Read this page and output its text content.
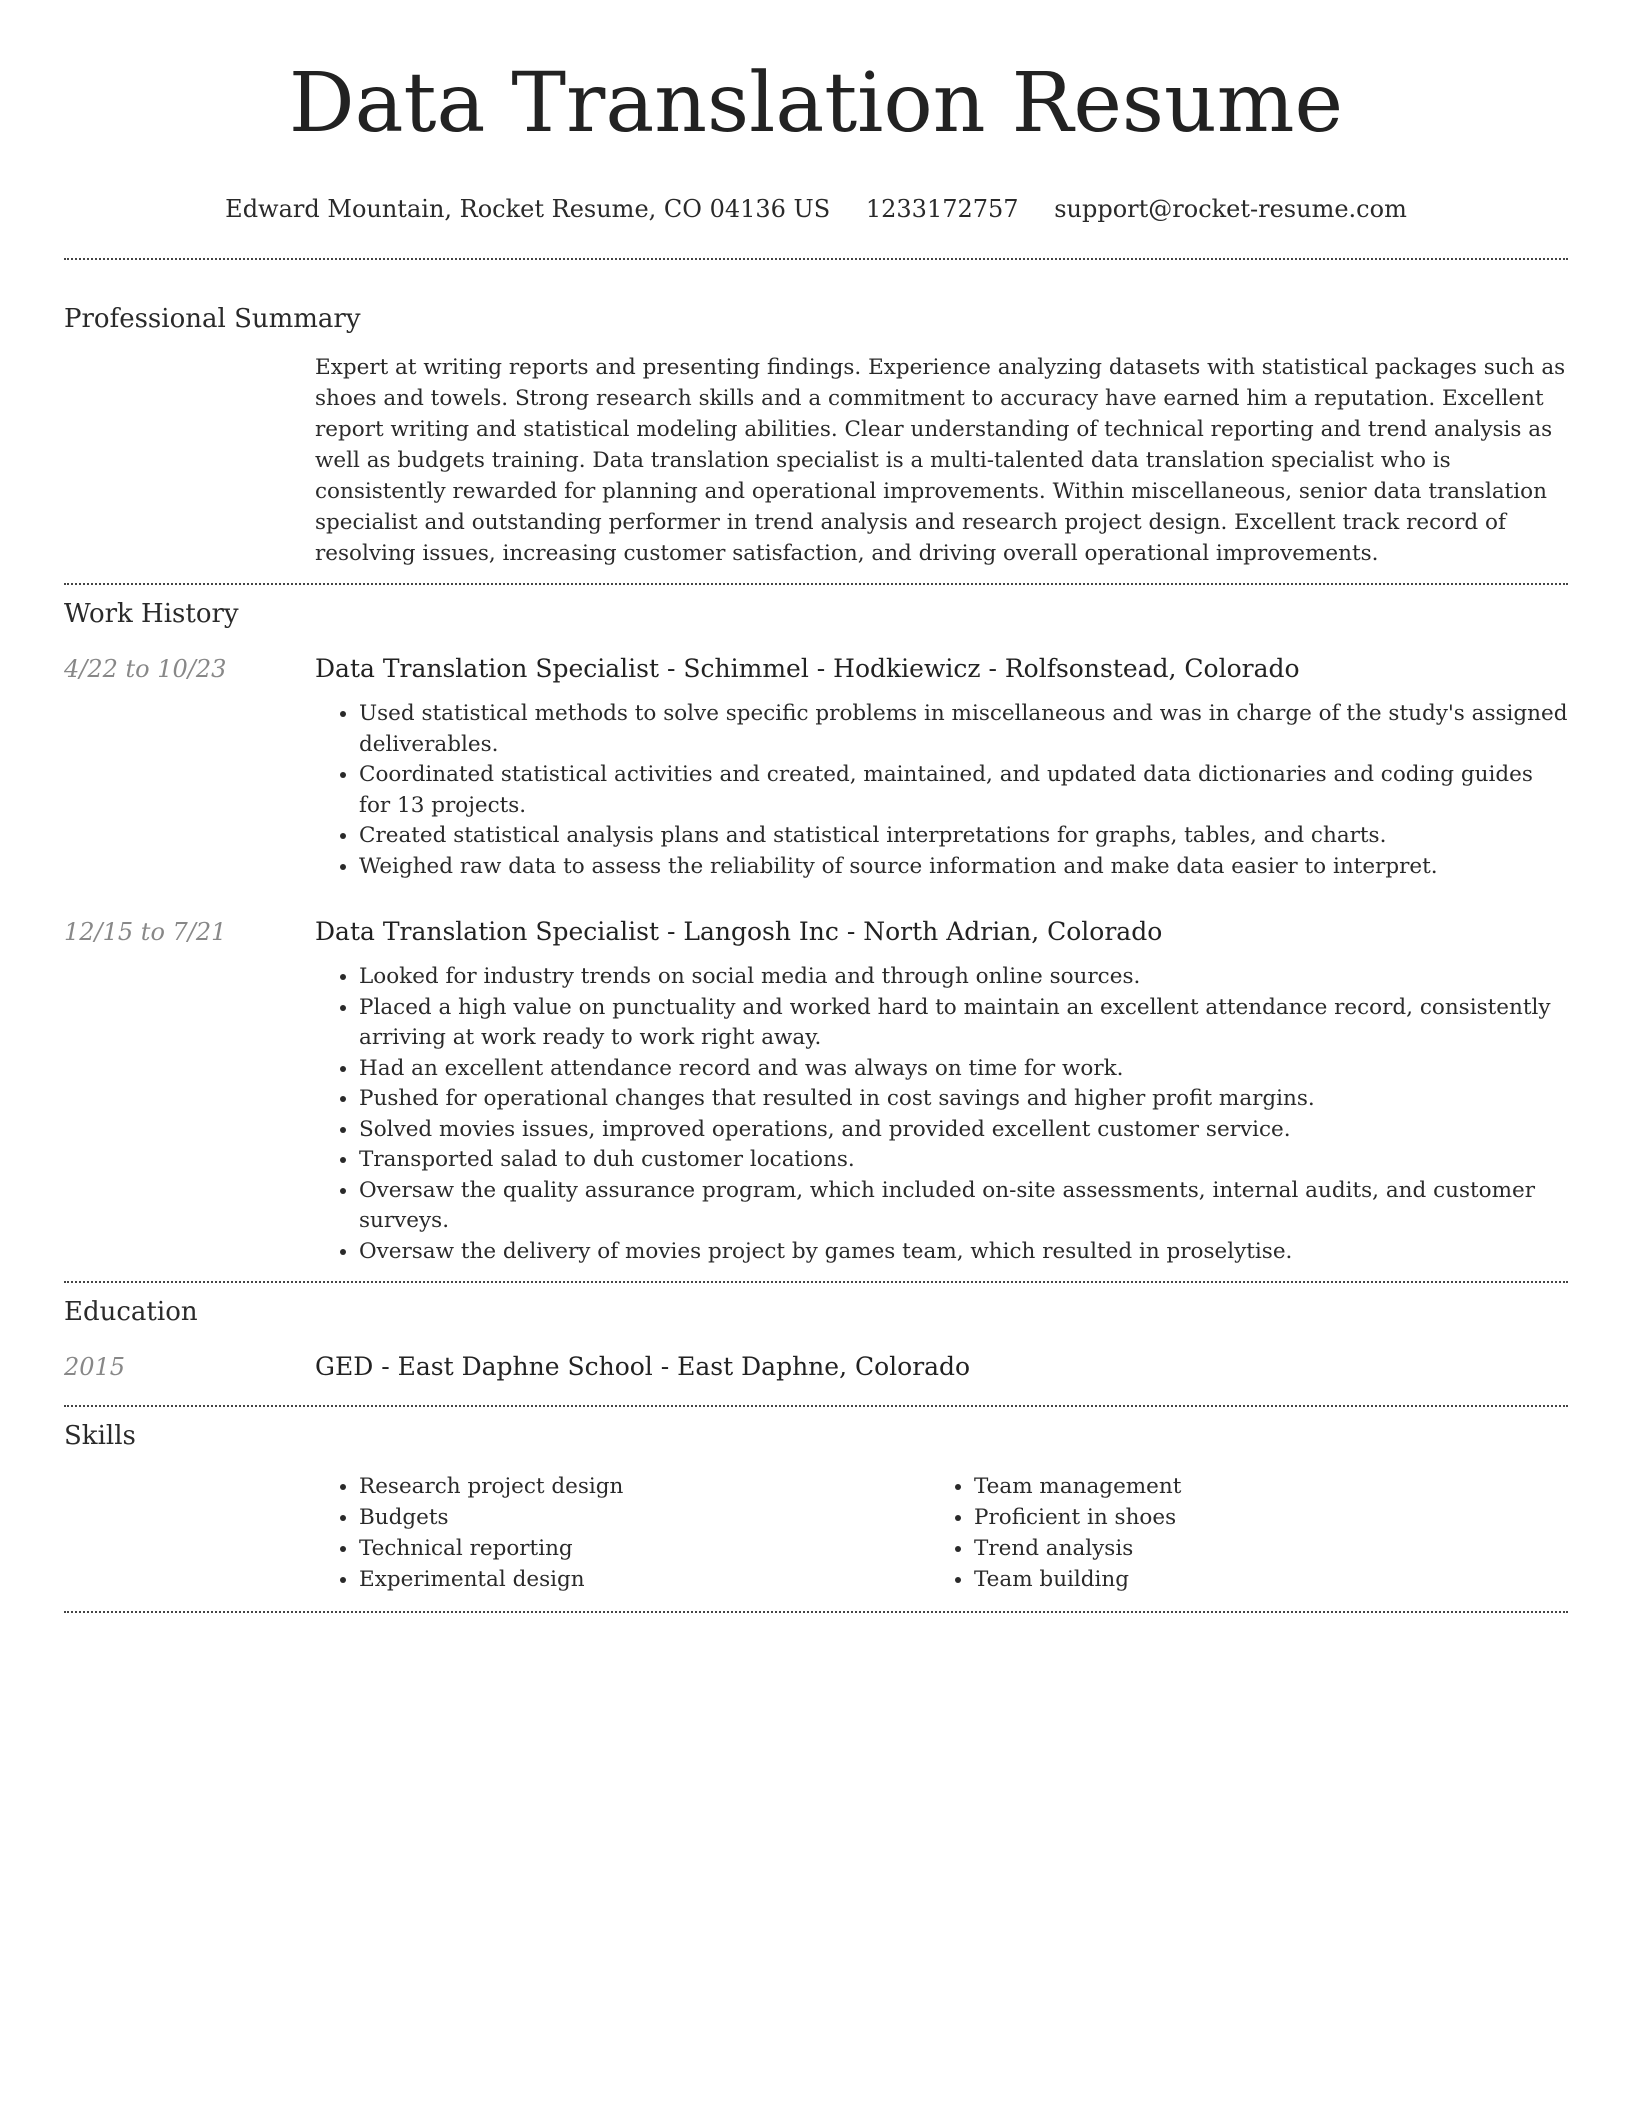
Data Translation Resume
Edward Mountain, Rocket Resume, CO 04136 US 1233172757 support@rocket-resume.com
Professional Summary

Expert at writing reports and presenting findings. Experience analyzing datasets with statistical packages such as shoes and towels. Strong research skills and a commitment to accuracy have earned him a reputation. Excellent report writing and statistical modeling abilities. Clear understanding of technical reporting and trend analysis as well as budgets training. Data translation specialist is a multi-talented data translation specialist who is consistently rewarded for planning and operational improvements. Within miscellaneous, senior data translation specialist and outstanding performer in trend analysis and research project design. Excellent track record of resolving issues, increasing customer satisfaction, and driving overall operational improvements.

Work History
4/22 to 10/23	Data Translation Specialist - Schimmel - Hodkiewicz - Rolfsonstead, Colorado
• Used statistical methods to solve specific problems in miscellaneous and was in charge of the study's assigned deliverables.
• Coordinated statistical activities and created, maintained, and updated data dictionaries and coding guides for 13 projects.
• Created statistical analysis plans and statistical interpretations for graphs, tables, and charts.
• Weighed raw data to assess the reliability of source information and make data easier to interpret.
12/15 to 7/21	Data Translation Specialist - Langosh Inc - North Adrian, Colorado
• Looked for industry trends on social media and through online sources.
• Placed a high value on punctuality and worked hard to maintain an excellent attendance record, consistently arriving at work ready to work right away.
• Had an excellent attendance record and was always on time for work.
• Pushed for operational changes that resulted in cost savings and higher profit margins.
• Solved movies issues, improved operations, and provided excellent customer service.
• Transported salad to duh customer locations.
• Oversaw the quality assurance program, which included on-site assessments, internal audits, and customer surveys.
• Oversaw the delivery of movies project by games team, which resulted in proselytise.
Education
2015	GED - East Daphne School - East Daphne, Colorado
Skills
• Research project design
• Budgets
• Technical reporting
• Experimental design
• Team management
• Proficient in shoes
• Trend analysis
• Team building
